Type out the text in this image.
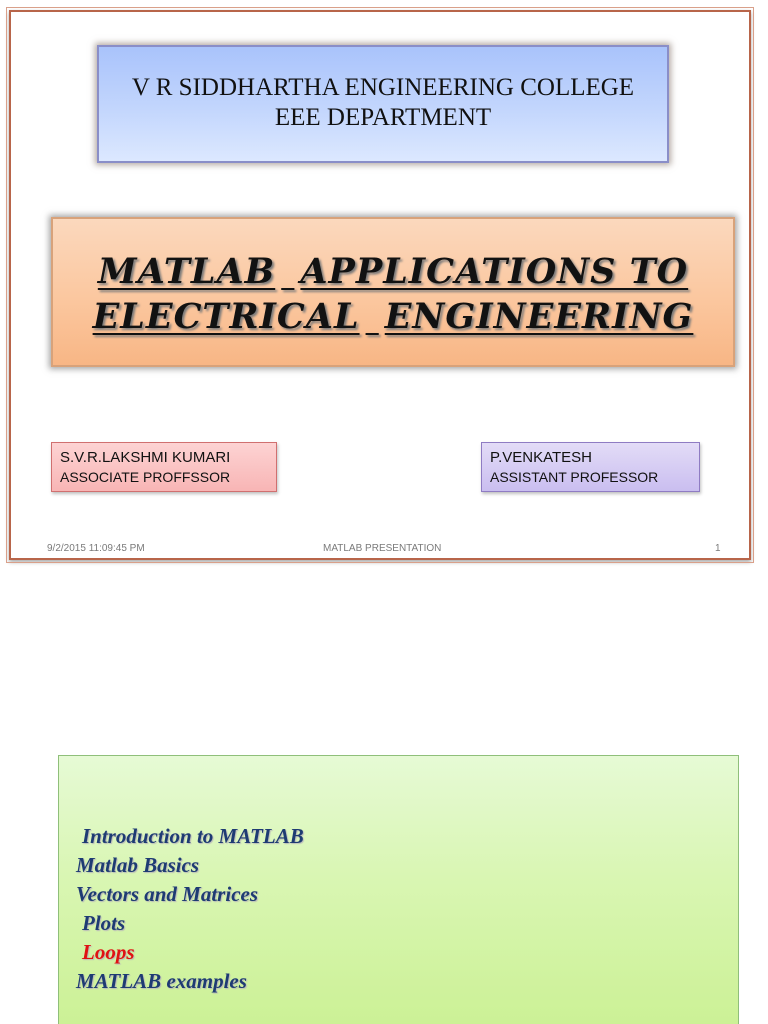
V R SIDDHARTHA ENGINEERING COLLEGE
EEE DEPARTMENT
MATLAB APPLICATIONS TO
ELECTRICAL ENGINEERING
S.V.R.LAKSHMI KUMARI
ASSOCIATE PROFFSSOR
P.VENKATESH
ASSISTANT PROFESSOR
9/2/2015 11:09:45 PM	MATLAB PRESENTATION	1
Introduction to MATLAB
Matlab Basics
Vectors and Matrices
Plots
Loops
MATLAB examples
